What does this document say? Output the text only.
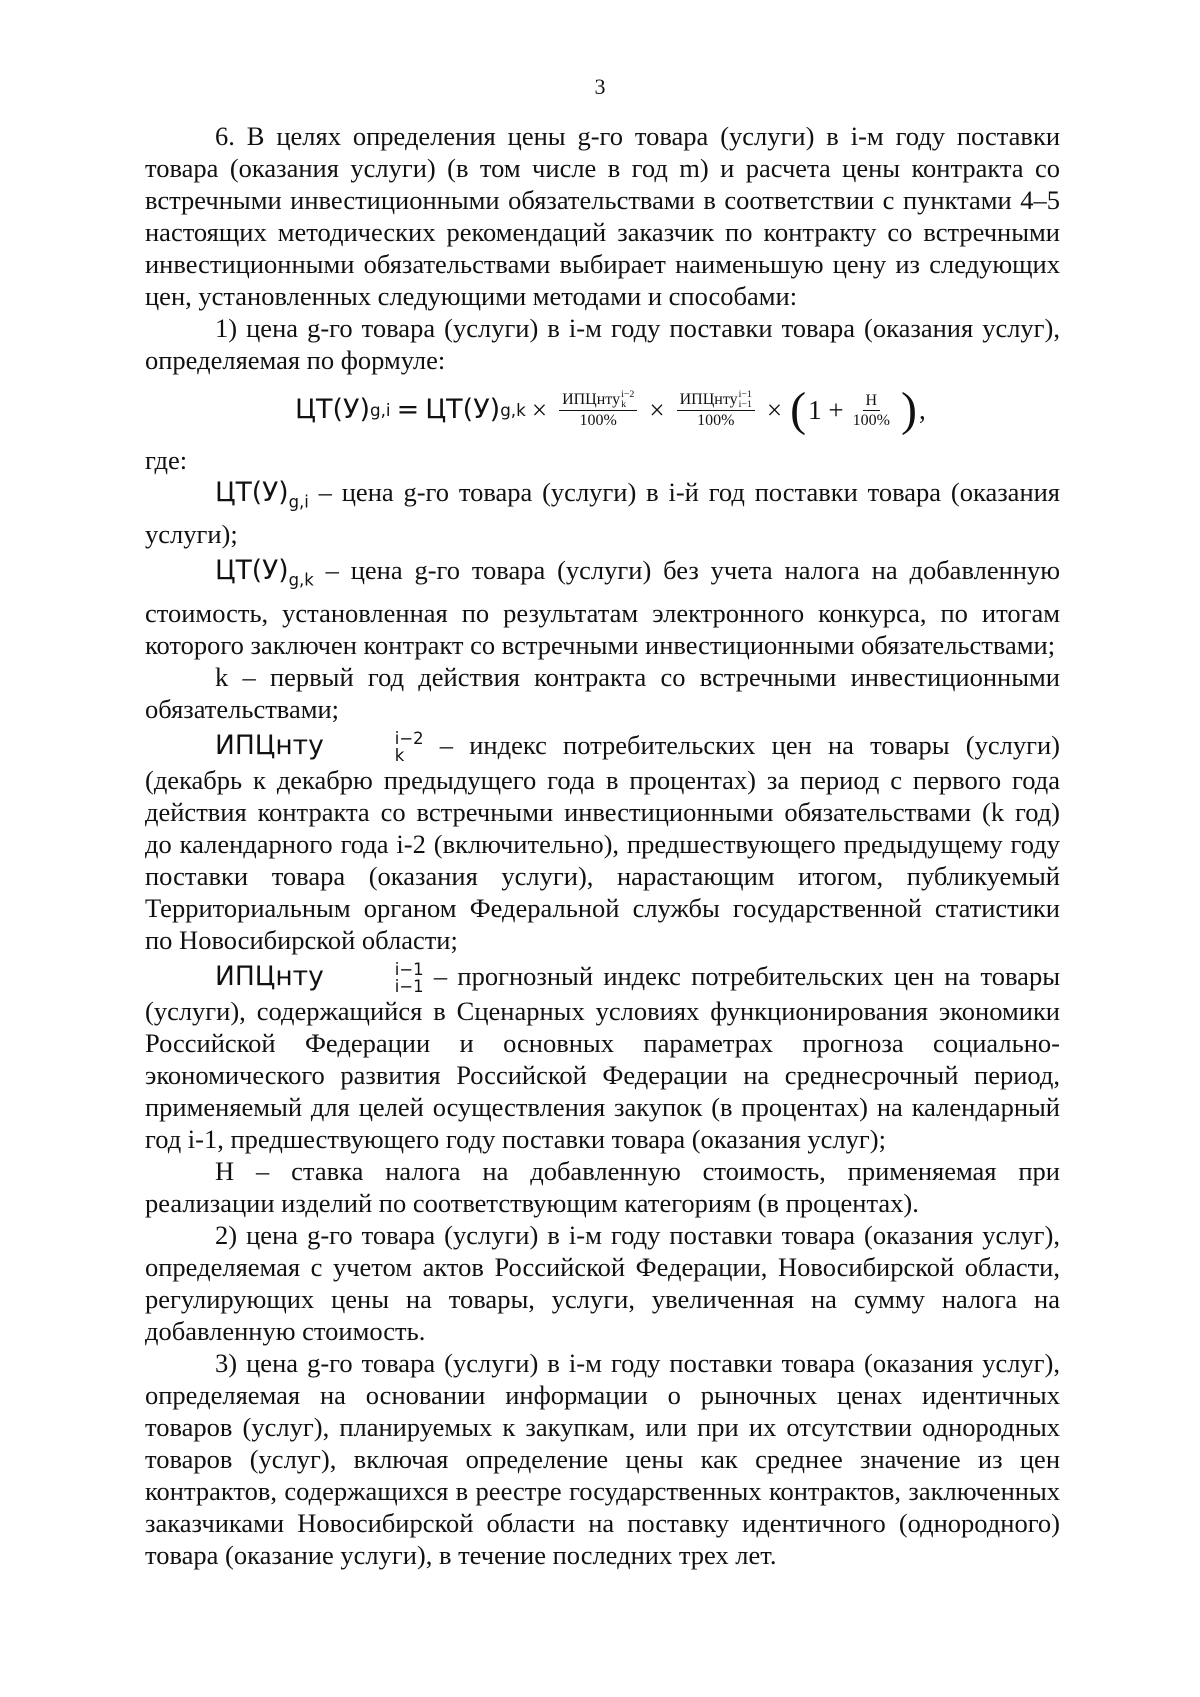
3

6. В целях определения цены g-го товара (услуги) в i-м году поставки товара (оказания услуги) (в том числе в год m) и расчета цены контракта со встречными инвестиционными обязательствами в соответствии с пунктами 4–5 настоящих методических рекомендаций заказчик по контракту со встречными инвестиционными обязательствами выбирает наименьшую цену из следующих цен, установленных следующими методами и способами:

1) цена g-го товара (услуги) в i-м году поставки товара (оказания услуг), определяемая по формуле:

ЦТ(У) g,i = ЦТ(У) g,k × ИПЦнту i−2
k
100% × ИПЦнту i−1
i−1
100% × ( $1 + \frac{Н}{100\%}$ ) ,

где:

$ЦТ(У)_{g,i}$ – цена g-го товара (услуги) в i-й год поставки товара (оказания услуги);

$ЦТ(У)_{g,k}$ – цена g-го товара (услуги) без учета налога на добавленную стоимость, установленная по результатам электронного конкурса, по итогам которого заключен контракт со встречными инвестиционными обязательствами;

k – первый год действия контракта со встречными инвестиционными обязательствами;

ИПЦнту	i−2
k – индекс потребительских цен на товары (услуги) (декабрь к декабрю предыдущего года в процентах) за период с первого года действия контракта со встречными инвестиционными обязательствами (k год) до календарного года i-2 (включительно), предшествующего предыдущему году поставки товара (оказания услуги), нарастающим итогом, публикуемый Территориальным органом Федеральной службы государственной статистики по Новосибирской области;

ИПЦнту	i−1
i−1 – прогнозный индекс потребительских цен на товары (услуги), содержащийся в Сценарных условиях функционирования экономики Российской Федерации и основных параметрах прогноза социально-экономического развития Российской Федерации на среднесрочный период, применяемый для целей осуществления закупок (в процентах) на календарный год i-1, предшествующего году поставки товара (оказания услуг);

Н – ставка налога на добавленную стоимость, применяемая при реализации изделий по соответствующим категориям (в процентах).

2) цена g-го товара (услуги) в i-м году поставки товара (оказания услуг), определяемая с учетом актов Российской Федерации, Новосибирской области, регулирующих цены на товары, услуги, увеличенная на сумму налога на добавленную стоимость.

3) цена g-го товара (услуги) в i-м году поставки товара (оказания услуг), определяемая на основании информации о рыночных ценах идентичных товаров (услуг), планируемых к закупкам, или при их отсутствии однородных товаров (услуг), включая определение цены как среднее значение из цен контрактов, содержащихся в реестре государственных контрактов, заключенных заказчиками Новосибирской области на поставку идентичного (однородного) товара (оказание услуги), в течение последних трех лет.
